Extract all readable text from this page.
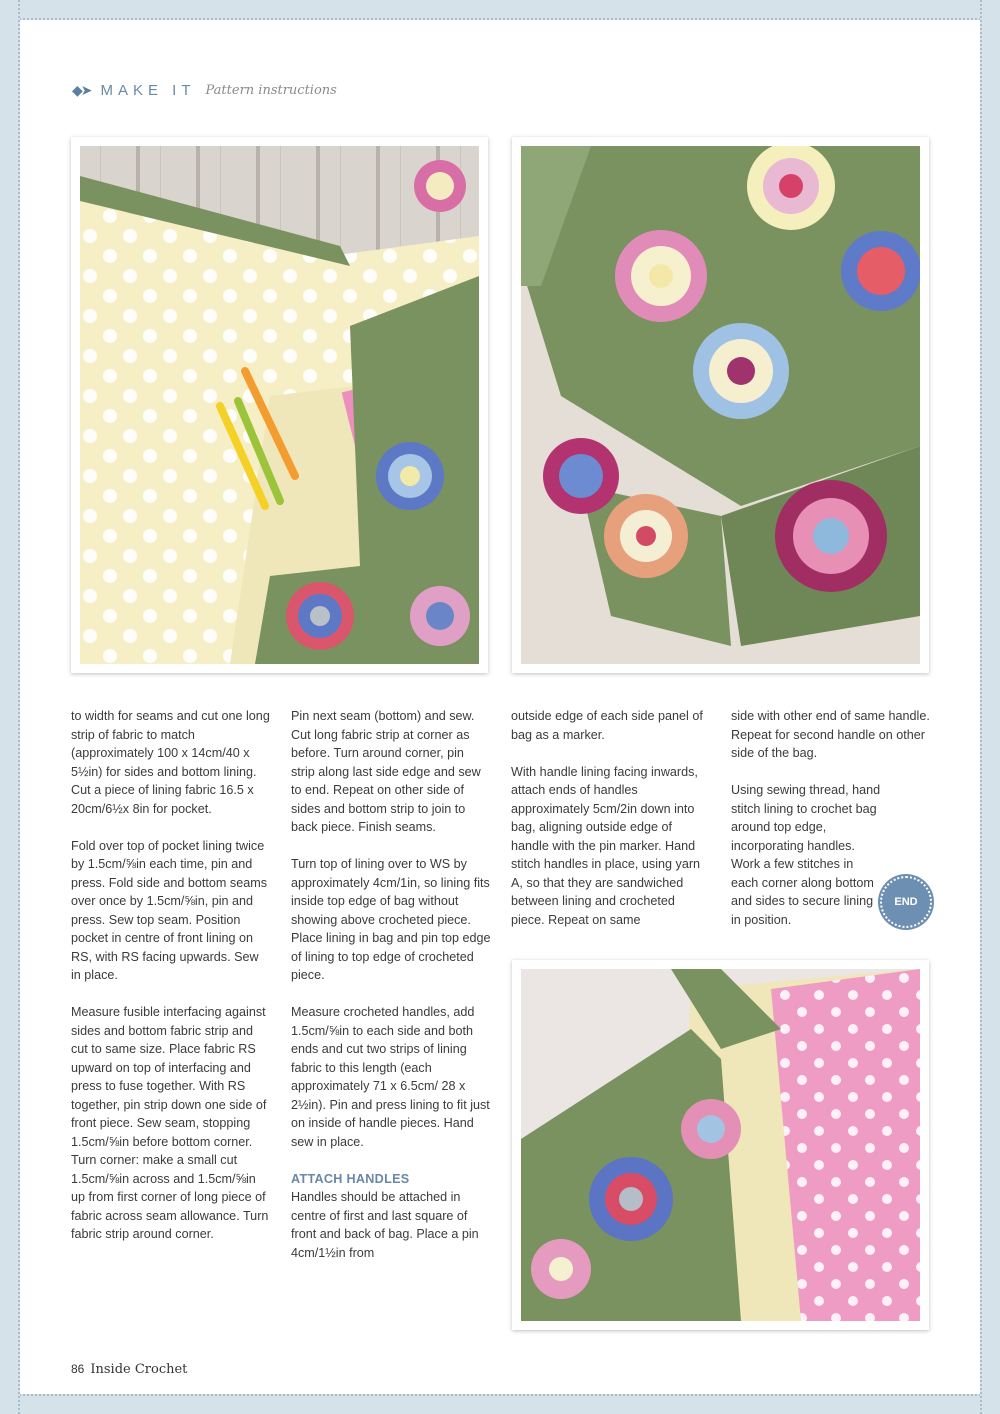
◆➤ MAKE IT Pattern instructions

to width for seams and cut one long strip of fabric to match (approximately 100 x 14cm/40 x 5½in) for sides and bottom lining. Cut a piece of lining fabric 16.5 x 20cm/6½x 8in for pocket.

Fold over top of pocket lining twice by 1.5cm/⅝in each time, pin and press. Fold side and bottom seams over once by 1.5cm/⅝in, pin and press. Sew top seam. Position pocket in centre of front lining on RS, with RS facing upwards. Sew in place.

Measure fusible interfacing against sides and bottom fabric strip and cut to same size. Place fabric RS upward on top of interfacing and press to fuse together. With RS together, pin strip down one side of front piece. Sew seam, stopping 1.5cm/⅝in before bottom corner. Turn corner: make a small cut 1.5cm/⅝in across and 1.5cm/⅝in up from first corner of long piece of fabric across seam allowance. Turn fabric strip around corner.

Pin next seam (bottom) and sew. Cut long fabric strip at corner as before. Turn around corner, pin strip along last side edge and sew to end. Repeat on other side of sides and bottom strip to join to back piece. Finish seams.

Turn top of lining over to WS by approximately 4cm/1in, so lining fits inside top edge of bag without showing above crocheted piece. Place lining in bag and pin top edge of lining to top edge of crocheted piece.

Measure crocheted handles, add 1.5cm/⅝in to each side and both ends and cut two strips of lining fabric to this length (each approximately 71 x 6.5cm/ 28 x 2½in). Pin and press lining to fit just on inside of handle pieces. Hand sew in place.

ATTACH HANDLES

Handles should be attached in centre of first and last square of front and back of bag. Place a pin 4cm/1½in from

outside edge of each side panel of bag as a marker.

With handle lining facing inwards, attach ends of handles approximately 5cm/2in down into bag, aligning outside edge of handle with the pin marker. Hand stitch handles in place, using yarn A, so that they are sandwiched between lining and crocheted piece. Repeat on same

side with other end of same handle. Repeat for second handle on other side of the bag.

Using sewing thread, hand stitch lining to crochet bag around top edge, incorporating handles. Work a few stitches in each corner along bottom and sides to secure lining in position.

END
86 Inside Crochet
